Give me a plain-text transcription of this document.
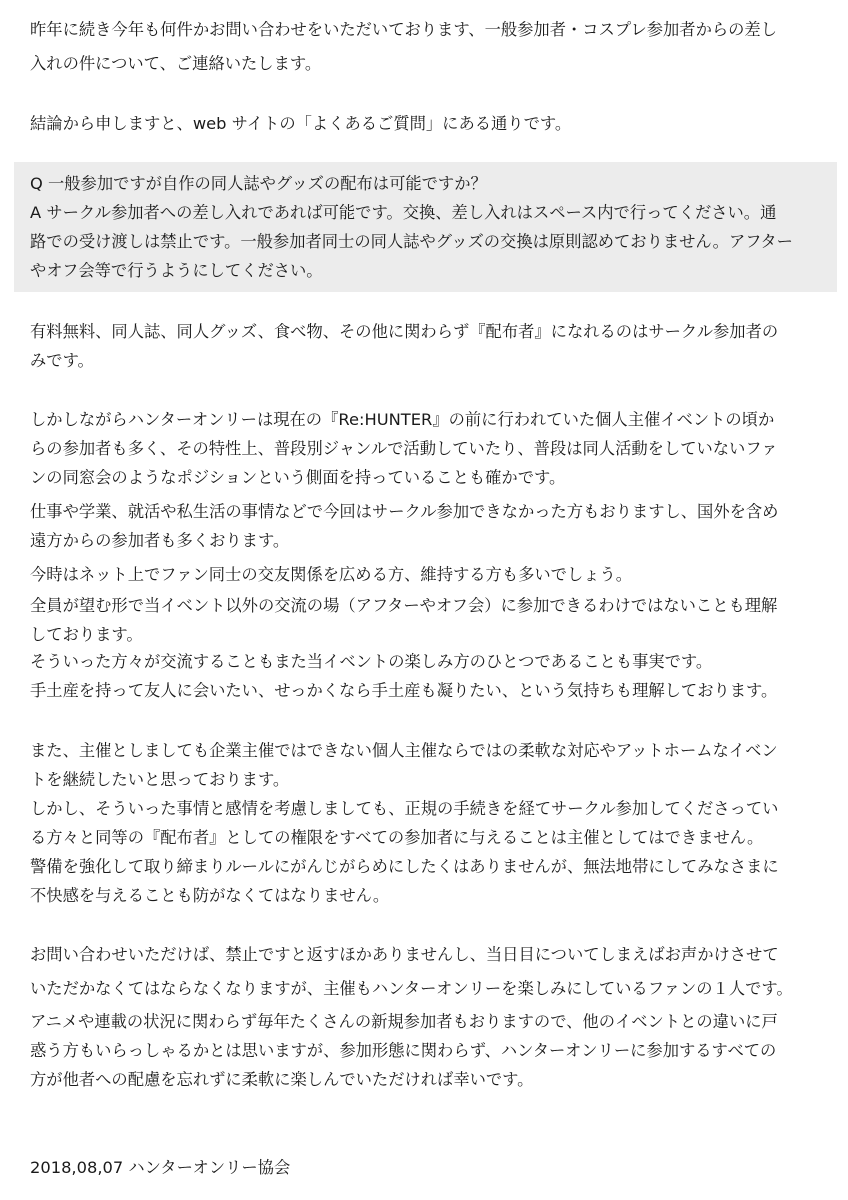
昨年に続き今年も何件かお問い合わせをいただいております、一般参加者・コスプレ参加者からの差し
入れの件について、ご連絡いたします。
結論から申しますと、web サイトの「よくあるご質問」にある通りです。
Q 一般参加ですが自作の同人誌やグッズの配布は可能ですか？
A サークル参加者への差し入れであれば可能です。交換、差し入れはスペース内で行ってください。通
路での受け渡しは禁止です。一般参加者同士の同人誌やグッズの交換は原則認めておりません。アフター
やオフ会等で行うようにしてください。
有料無料、同人誌、同人グッズ、食べ物、その他に関わらず『配布者』になれるのはサークル参加者の
みです。
しかしながらハンターオンリーは現在の『Re:HUNTER』の前に行われていた個人主催イベントの頃か
らの参加者も多く、その特性上、普段別ジャンルで活動していたり、普段は同人活動をしていないファ
ンの同窓会のようなポジションという側面を持っていることも確かです。
仕事や学業、就活や私生活の事情などで今回はサークル参加できなかった方もおりますし、国外を含め
遠方からの参加者も多くおります。
今時はネット上でファン同士の交友関係を広める方、維持する方も多いでしょう。
全員が望む形で当イベント以外の交流の場（アフターやオフ会）に参加できるわけではないことも理解
しております。
そういった方々が交流することもまた当イベントの楽しみ方のひとつであることも事実です。
手土産を持って友人に会いたい、せっかくなら手土産も凝りたい、という気持ちも理解しております。
また、主催としましても企業主催ではできない個人主催ならではの柔軟な対応やアットホームなイベン
トを継続したいと思っております。
しかし、そういった事情と感情を考慮しましても、正規の手続きを経てサークル参加してくださってい
る方々と同等の『配布者』としての権限をすべての参加者に与えることは主催としてはできません。
警備を強化して取り締まりルールにがんじがらめにしたくはありませんが、無法地帯にしてみなさまに
不快感を与えることも防がなくてはなりません。
お問い合わせいただけば、禁止ですと返すほかありませんし、当日目についてしまえばお声かけさせて
いただかなくてはならなくなりますが、主催もハンターオンリーを楽しみにしているファンの１人です。
アニメや連載の状況に関わらず毎年たくさんの新規参加者もおりますので、他のイベントとの違いに戸
惑う方もいらっしゃるかとは思いますが、参加形態に関わらず、ハンターオンリーに参加するすべての
方が他者への配慮を忘れずに柔軟に楽しんでいただければ幸いです。
2018,08,07 ハンターオンリー協会
